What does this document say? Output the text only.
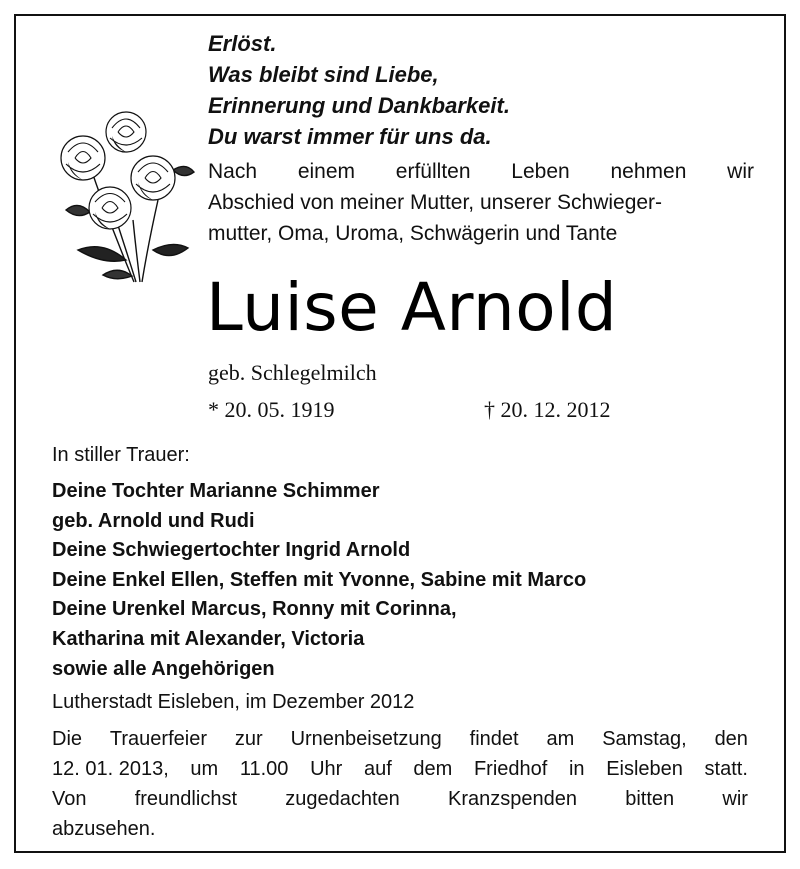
Erlöst.
Was bleibt sind Liebe,
Erinnerung und Dankbarkeit.
Du warst immer für uns da.
Nach einem erfüllten Leben nehmen wir
Abschied von meiner Mutter, unserer Schwieger-
mutter, Oma, Uroma, Schwägerin und Tante
Luise Arnold
geb. Schlegelmilch
* 20. 05. 1919	† 20. 12. 2012
In stiller Trauer:
Deine Tochter Marianne Schimmer
geb. Arnold und Rudi
Deine Schwiegertochter Ingrid Arnold
Deine Enkel Ellen, Steffen mit Yvonne, Sabine mit Marco
Deine Urenkel Marcus, Ronny mit Corinna,
Katharina mit Alexander, Victoria
sowie alle Angehörigen
Lutherstadt Eisleben, im Dezember 2012
Die Trauerfeier zur Urnenbeisetzung findet am Samstag, den
12. 01. 2013, um 11.00 Uhr auf dem Friedhof in Eisleben statt.
Von freundlichst zugedachten Kranzspenden bitten wir
abzusehen.
